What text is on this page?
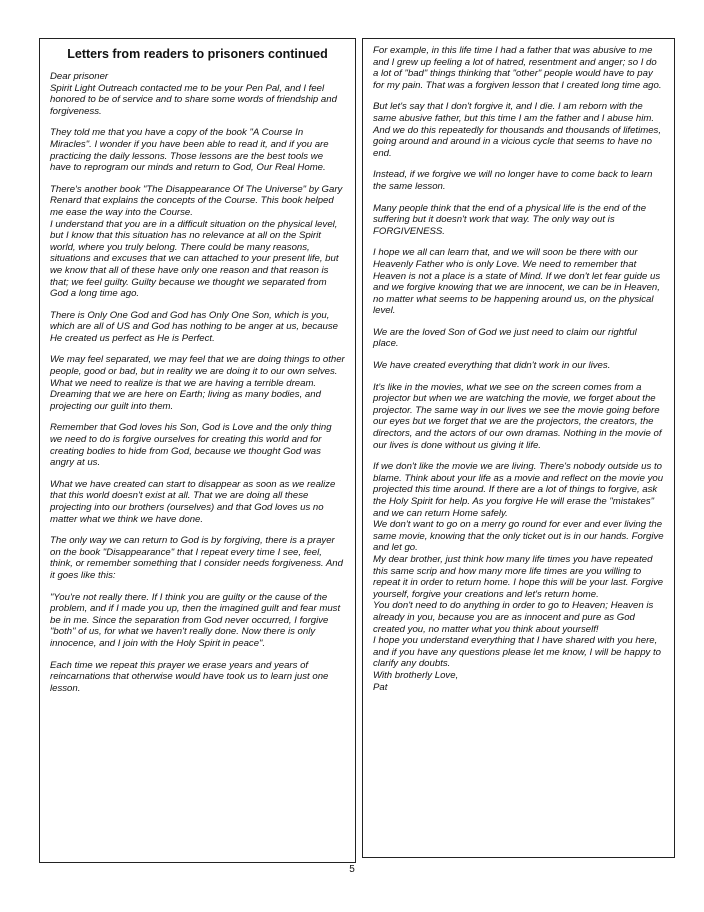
Letters from readers to prisoners continued
Dear prisoner
Spirit Light Outreach contacted me to be your Pen Pal, and I feel honored to be of service and to share some words of friendship and forgiveness.
They told me that you have a copy of the book "A Course In Miracles". I wonder if you have been able to read it, and if you are practicing the daily lessons. Those lessons are the best tools we have to reprogram our minds and return to God, Our Real Home.
There's another book "The Disappearance Of The Universe" by Gary Renard that explains the concepts of the Course. This book helped me ease the way into the Course.
I understand that you are in a difficult situation on the physical level, but I know that this situation has no relevance at all on the Spirit world, where you truly belong. There could be many reasons, situations and excuses that we can attached to your present life, but we know that all of these have only one reason and that reason is that; we feel guilty. Guilty because we thought we separated from God a long time ago.
There is Only One God and God has Only One Son, which is you, which are all of US and God has nothing to be anger at us, because He created us perfect as He is Perfect.
We may feel separated, we may feel that we are doing things to other people, good or bad, but in reality we are doing it to our own selves.
What we need to realize is that we are having a terrible dream. Dreaming that we are here on Earth; living as many bodies, and projecting our guilt into them.
Remember that God loves his Son, God is Love and the only thing we need to do is forgive ourselves for creating this world and for creating bodies to hide from God, because we thought God was angry at us.
What we have created can start to disappear as soon as we realize that this world doesn't exist at all. That we are doing all these projecting into our brothers (ourselves) and that God loves us no matter what we think we have done.
The only way we can return to God is by forgiving, there is a prayer on the book "Disappearance" that I repeat every time I see, feel, think, or remember something that I consider needs forgiveness. And it goes like this:
"You're not really there. If I think you are guilty or the cause of the problem, and if I made you up, then the imagined guilt and fear must be in me. Since the separation from God never occurred, I forgive "both" of us, for what we haven't really done. Now there is only innocence, and I join with the Holy Spirit in peace".
Each time we repeat this prayer we erase years and years of reincarnations that otherwise would have took us to learn just one lesson.
For example, in this life time I had a father that was abusive to me and I grew up feeling a lot of hatred, resentment and anger; so I do a lot of "bad" things thinking that "other" people would have to pay for my pain. That was a forgiven lesson that I created long time ago.
But let's say that I don't forgive it, and I die. I am reborn with the same abusive father, but this time I am the father and I abuse him. And we do this repeatedly for thousands and thousands of lifetimes, going around and around in a vicious cycle that seems to have no end.
Instead, if we forgive we will no longer have to come back to learn the same lesson.
Many people think that the end of a physical life is the end of the suffering but it doesn't work that way. The only way out is FORGIVENESS.
I hope we all can learn that, and we will soon be there with our Heavenly Father who is only Love. We need to remember that Heaven is not a place is a state of Mind. If we don't let fear guide us and we forgive knowing that we are innocent, we can be in Heaven, no matter what seems to be happening around us, on the physical level.
We are the loved Son of God we just need to claim our rightful place.
We have created everything that didn't work in our lives.
It's like in the movies, what we see on the screen comes from a projector but when we are watching the movie, we forget about the projector. The same way in our lives we see the movie going before our eyes but we forget that we are the projectors, the creators, the directors, and the actors of our own dramas. Nothing in the movie of our lives is done without us giving it life.
If we don't like the movie we are living. There's nobody outside us to blame. Think about your life as a movie and reflect on the movie you projected this time around. If there are a lot of things to forgive, ask the Holy Spirit for help. As you forgive He will erase the "mistakes" and we can return Home safely.
We don't want to go on a merry go round for ever and ever living the same movie, knowing that the only ticket out is in our hands. Forgive and let go.
My dear brother, just think how many life times you have repeated this same scrip and how many more life times are you willing to repeat it in order to return home. I hope this will be your last. Forgive yourself, forgive your creations and let's return home.
You don't need to do anything in order to go to Heaven; Heaven is already in you, because you are as innocent and pure as God created you, no matter what you think about yourself!
I hope you understand everything that I have shared with you here, and if you have any questions please let me know, I will be happy to clarify any doubts.
With brotherly Love,
Pat
5
